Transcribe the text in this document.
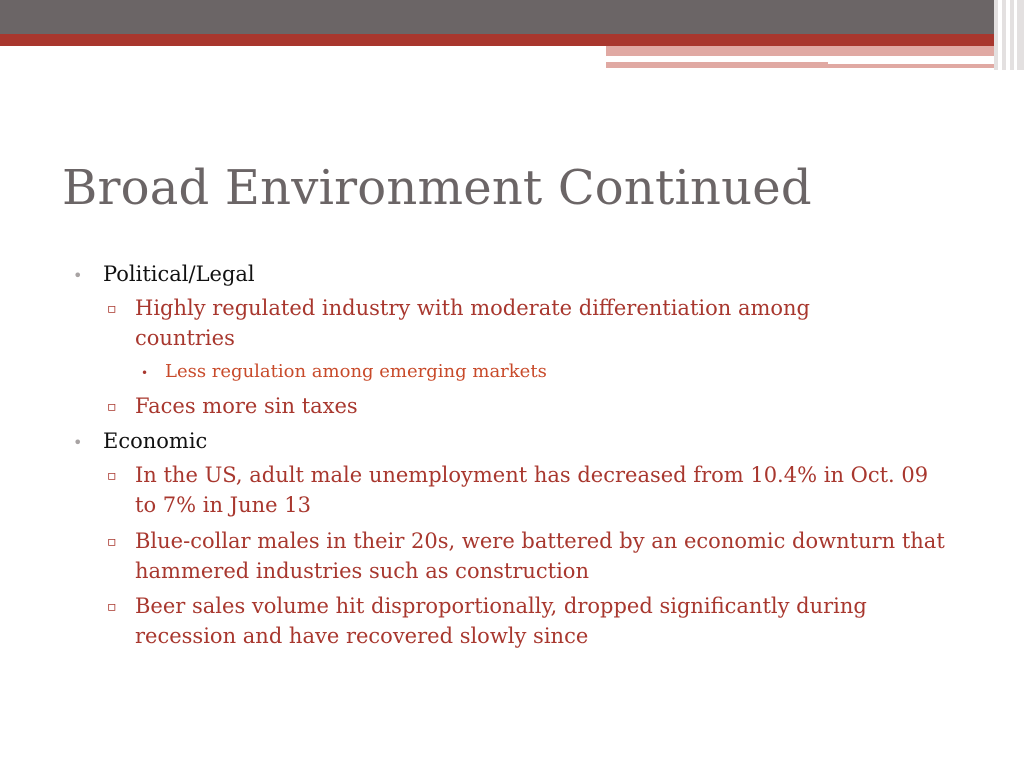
Broad Environment Continued
• Political/Legal
▫ Highly regulated industry with moderate differentiation among countries
• Less regulation among emerging markets
▫ Faces more sin taxes
• Economic
▫ In the US, adult male unemployment has decreased from 10.4% in Oct. 09 to 7% in June 13
▫ Blue-collar males in their 20s, were battered by an economic downturn that hammered industries such as construction
▫ Beer sales volume hit disproportionally, dropped significantly during recession and have recovered slowly since
